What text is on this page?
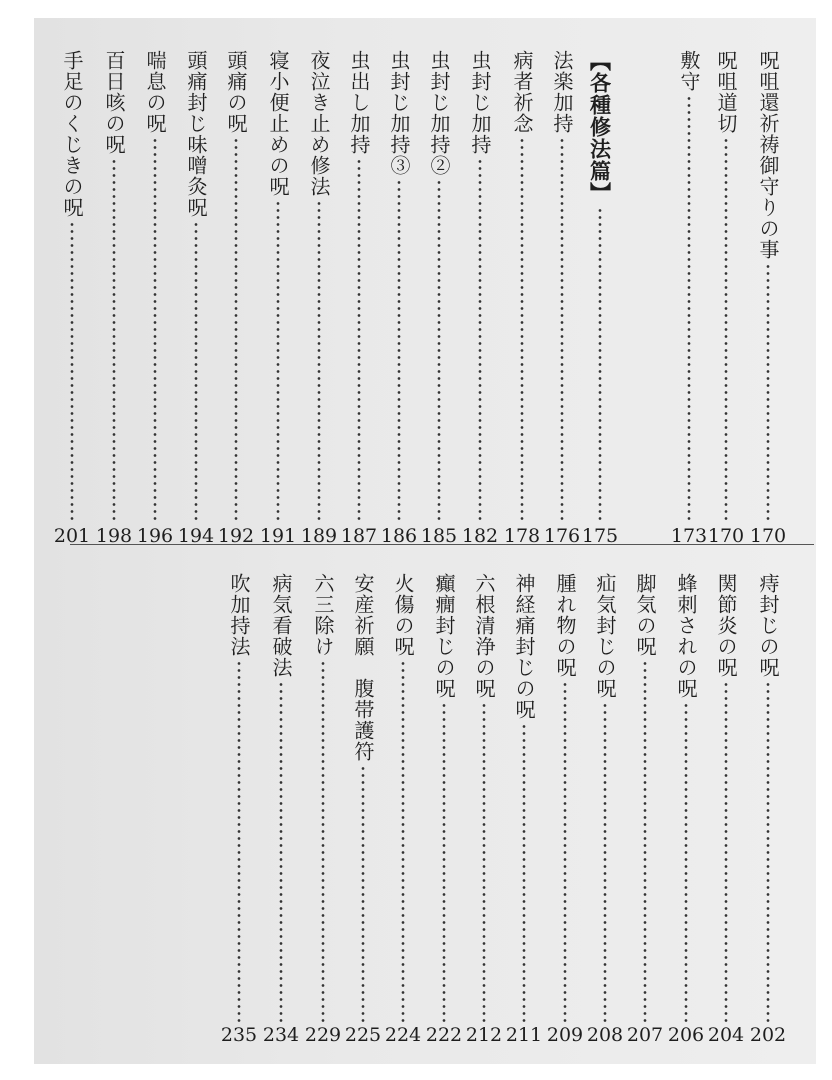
呪咀還祈祷御守りの事
170
呪咀道切
170
敷守
173
【各種修法篇】
175
法楽加持
176
病者祈念
178
虫封じ加持
182
虫封じ加持②
185
虫封じ加持③
186
虫出し加持
187
夜泣き止め修法
189
寝小便止めの呪
191
頭痛の呪
192
頭痛封じ味噌灸呪
194
喘息の呪
196
百日咳の呪
198
手足のくじきの呪
201
痔封じの呪
202
関節炎の呪
204
蜂刺されの呪
206
脚気の呪
207
疝気封じの呪
208
腫れ物の呪
209
神経痛封じの呪
211
六根清浄の呪
212
癲癇封じの呪
222
火傷の呪
224
安産祈願　腹帯護符
225
六三除け
229
病気看破法
234
吹加持法
235
